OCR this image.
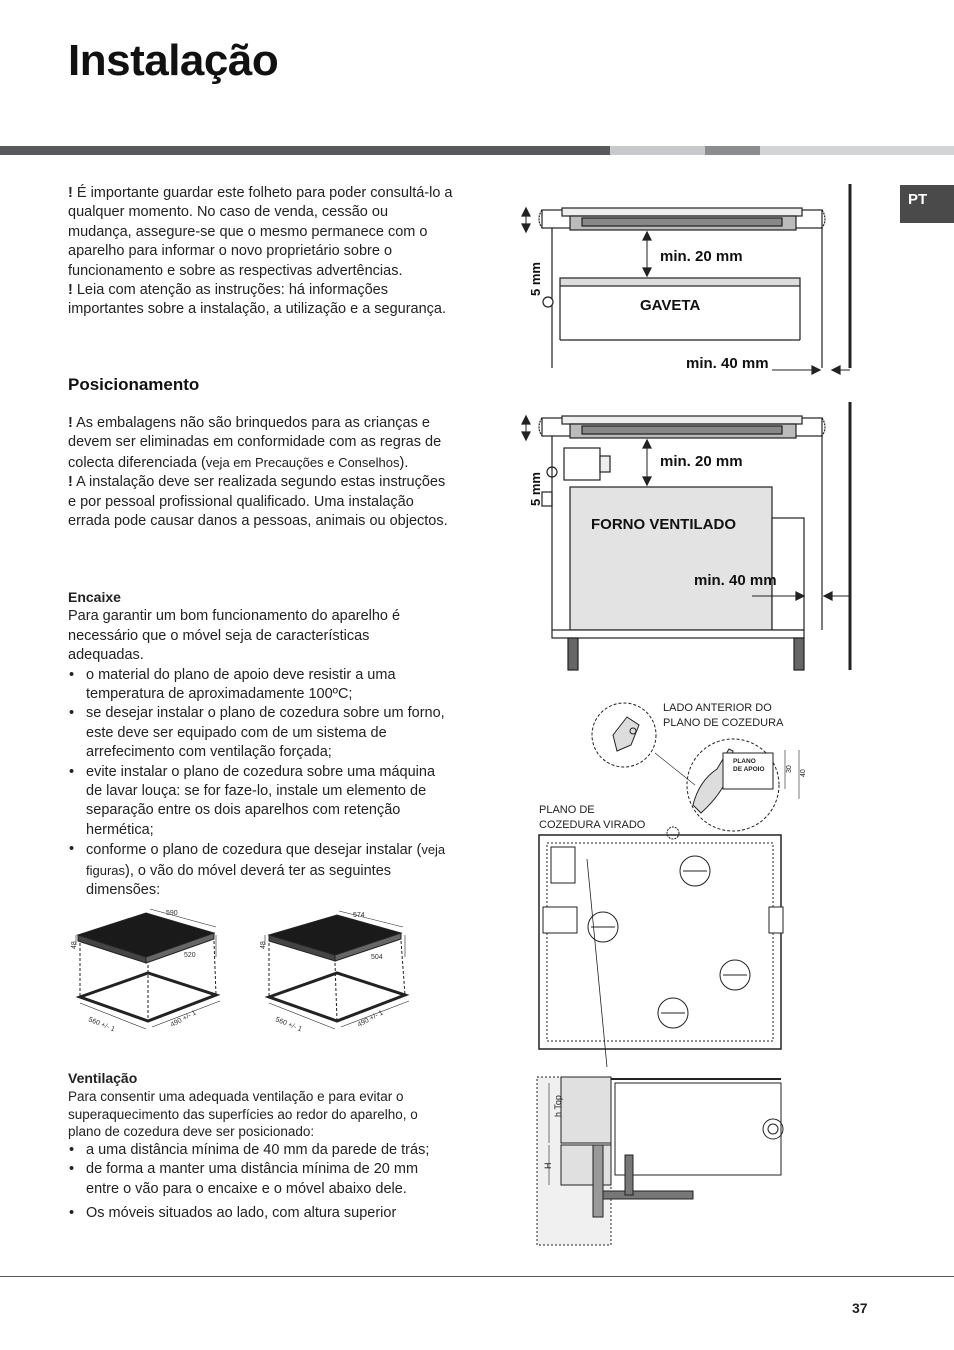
Instalação
PT

! É importante guardar este folheto para poder consultá-lo a qualquer momento. No caso de venda, cessão ou mudança, assegure-se que o mesmo permanece com o aparelho para informar o novo proprietário sobre o funcionamento e sobre as respectivas advertências.

! Leia com atenção as instruções: há informações importantes sobre a instalação, a utilização e a segurança.

Posicionamento

! As embalagens não são brinquedos para as crianças e devem ser eliminadas em conformidade com as regras de colecta diferenciada (veja em Precauções e Conselhos).

! A instalação deve ser realizada segundo estas instruções e por pessoal profissional qualificado. Uma instalação errada pode causar danos a pessoas, animais ou objectos.

Encaixe

Para garantir um bom funcionamento do aparelho é necessário que o móvel seja de características adequadas.

• o material do plano de apoio deve resistir a uma temperatura de aproximadamente 100ºC;
• se desejar instalar o plano de cozedura sobre um forno, este deve ser equipado com de um sistema de arrefecimento com ventilação forçada;
• evite instalar o plano de cozedura sobre uma máquina de lavar louça: se for faze-lo, instale um elemento de separação entre os dois aparelhos com retenção hermética;
• conforme o plano de cozedura que desejar instalar (veja figuras), o vão do móvel deverá ter as seguintes dimensões:
590
520
48
560 +/- 1	490 +/- 1
574
504
48
560 +/- 1	490 +/- 1
Ventilação

Para consentir uma adequada ventilação e para evitar o superaquecimento das superfícies ao redor do aparelho, o plano de cozedura deve ser posicionado:

• a uma distância mínima de 40 mm da parede de trás;
• de forma a manter uma distância mínima de 20 mm entre o vão para o encaixe e o móvel abaixo dele.
• Os móveis situados ao lado, com altura superior
min. 20 mm
5 mm
GAVETA
min. 40 mm
min. 20 mm
5 mm
FORNO VENTILADO
min. 40 mm
LADO ANTERIOR DO
PLANO DE COZEDURA
PLANO
DE APOIO	30
40
PLANO DE
COZEDURA VIRADO
h Top
H
37
